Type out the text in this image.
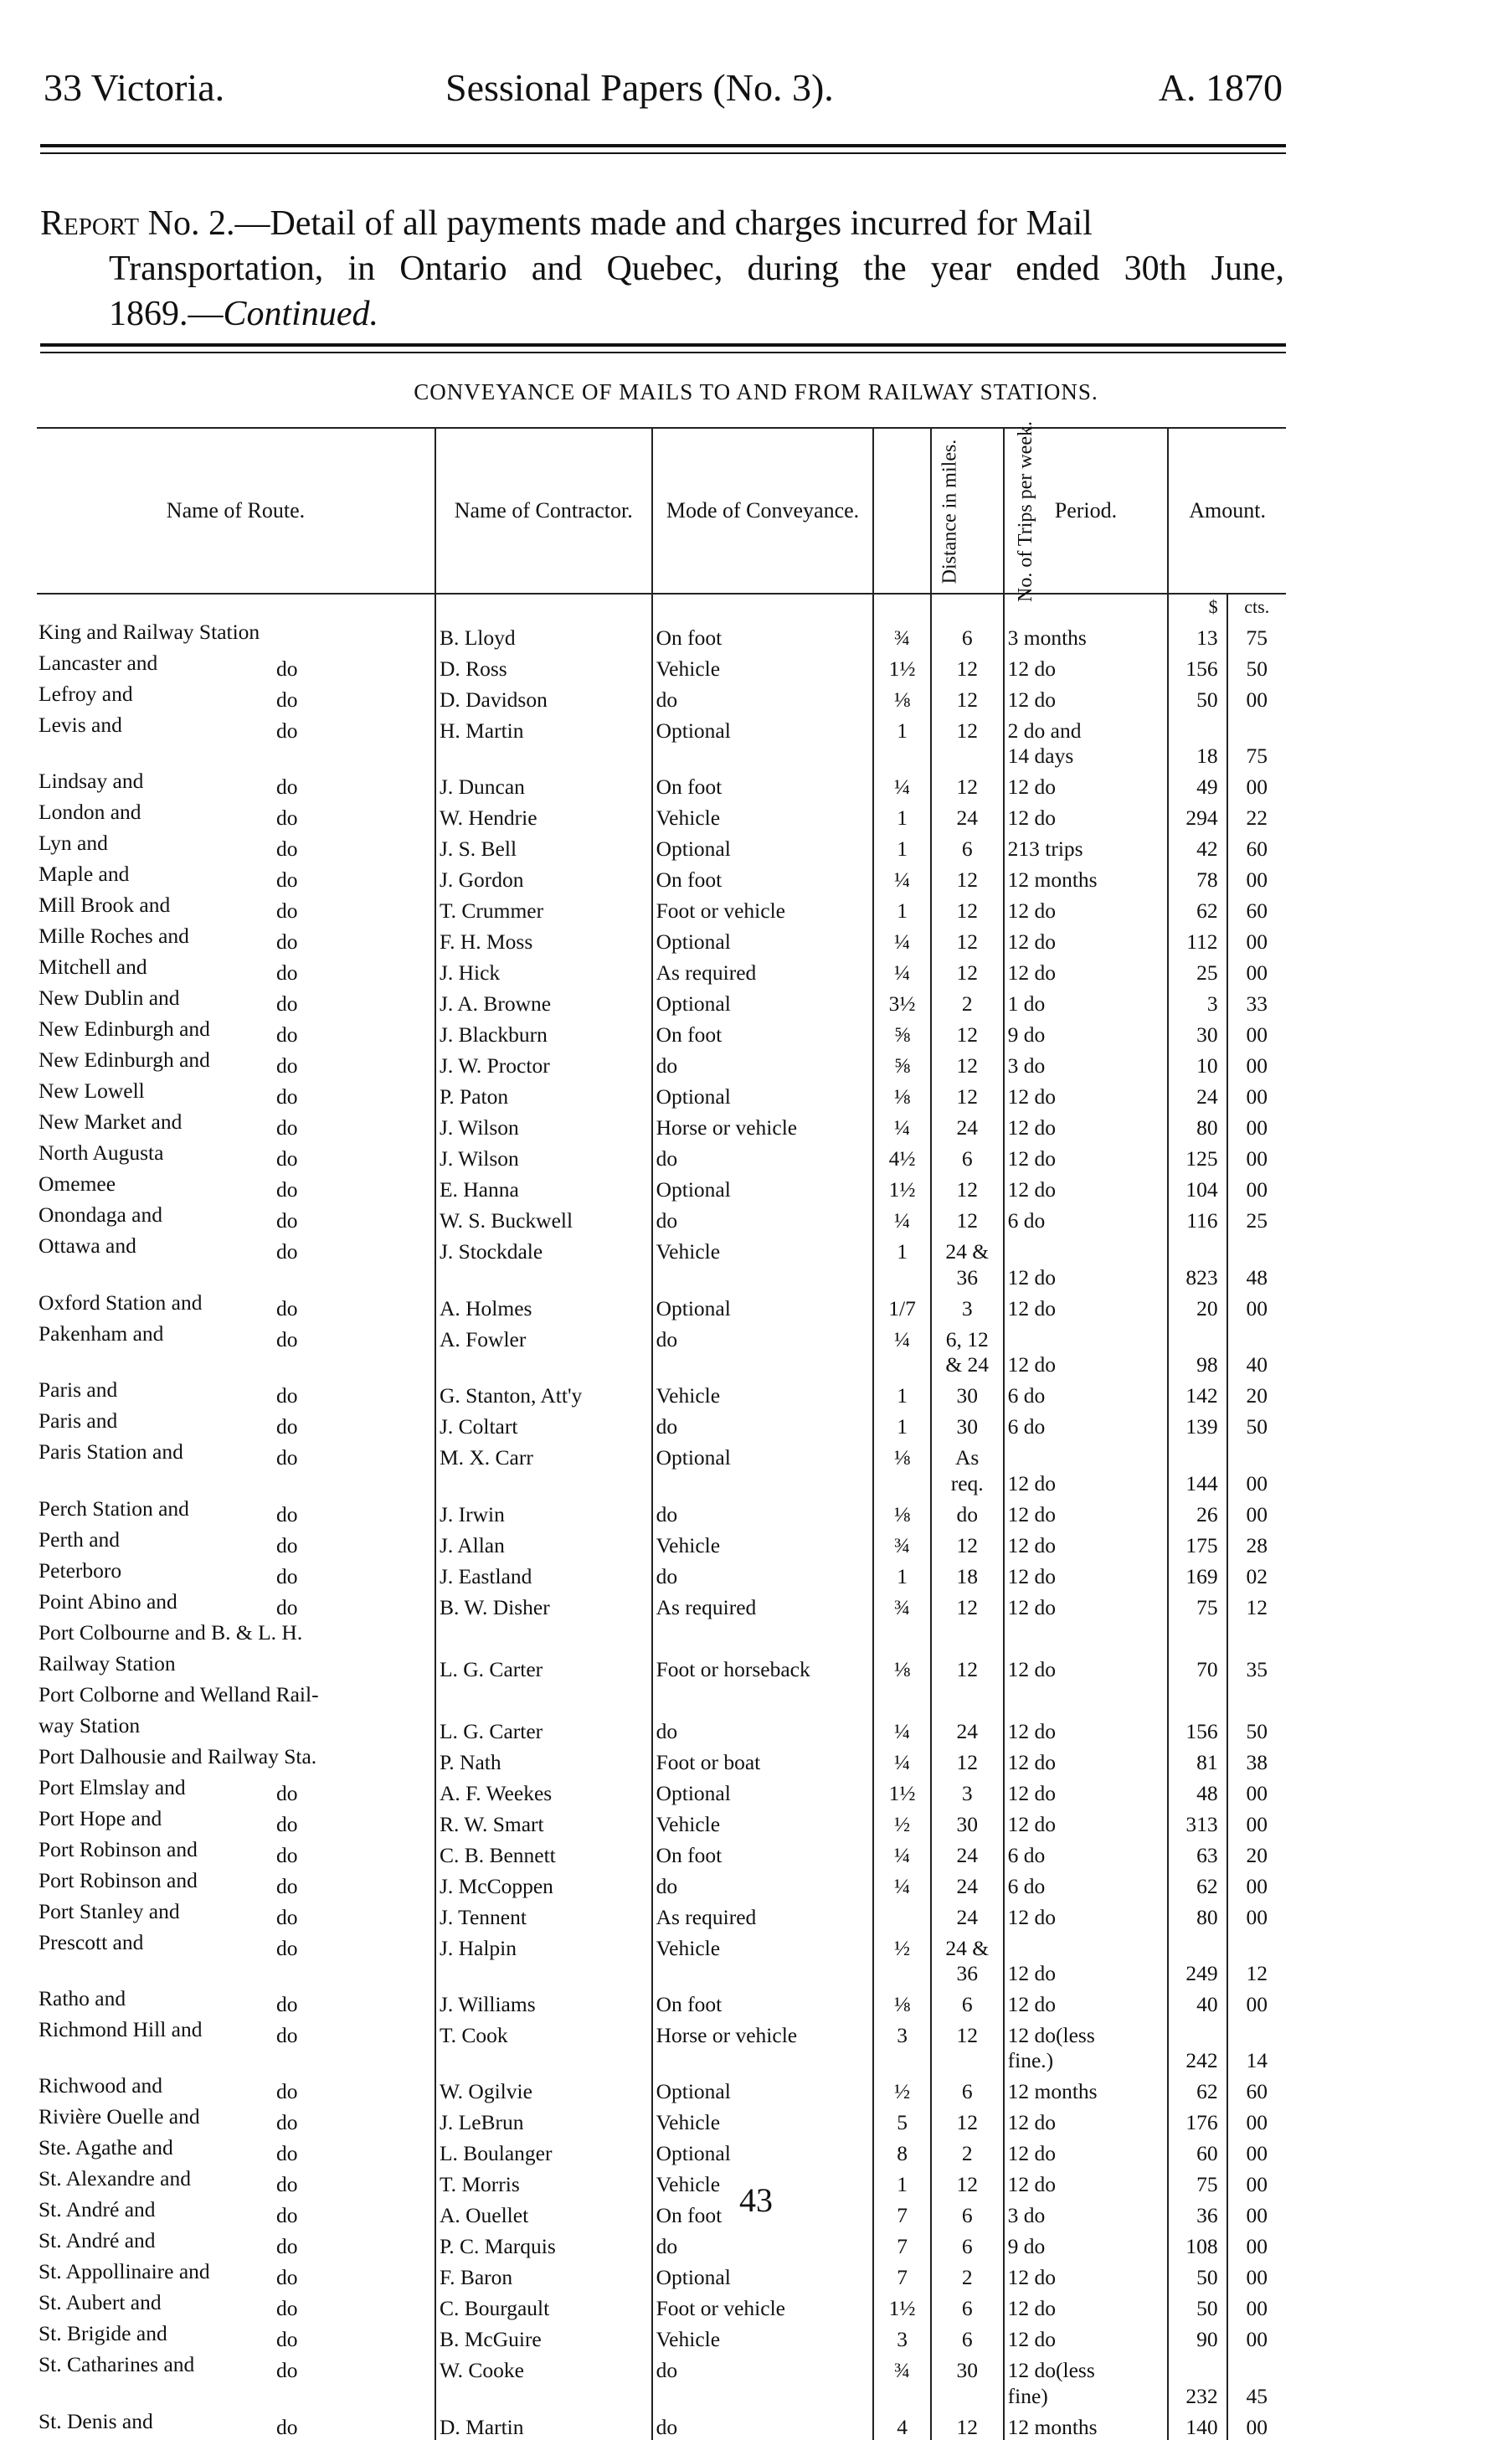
33 Victoria.	Sessional Papers (No. 3).	A. 1870
Report No. 2.—Detail of all payments made and charges incurred for Mail
Transportation, in Ontario and Quebec, during the year ended 30th June,
1869.—Continued.
CONVEYANCE OF MAILS TO AND FROM RAILWAY STATIONS.
Name of Route.	Name of Contractor.	Mode of Conveyance.	Distance in miles.	No. of Trips per week.	Period.	Amount.	
						$	cts.
King and Railway Station	B. Lloyd	On foot	¾	6	3 months	13	75
Lancaster and do	D. Ross	Vehicle	1½	12	12 do	156	50
Lefroy and do	D. Davidson	do	⅛	12	12 do	50	00
Levis and do	H. Martin	Optional	1	12	2 do and		
					14 days	18	75
Lindsay and do	J. Duncan	On foot	¼	12	12 do	49	00
London and do	W. Hendrie	Vehicle	1	24	12 do	294	22
Lyn and do	J. S. Bell	Optional	1	6	213 trips	42	60
Maple and do	J. Gordon	On foot	¼	12	12 months	78	00
Mill Brook and do	T. Crummer	Foot or vehicle	1	12	12 do	62	60
Mille Roches and do	F. H. Moss	Optional	¼	12	12 do	112	00
Mitchell and do	J. Hick	As required	¼	12	12 do	25	00
New Dublin and do	J. A. Browne	Optional	3½	2	1 do	3	33
New Edinburgh and do	J. Blackburn	On foot	⅝	12	9 do	30	00
New Edinburgh and do	J. W. Proctor	do	⅝	12	3 do	10	00
New Lowell do	P. Paton	Optional	⅛	12	12 do	24	00
New Market and do	J. Wilson	Horse or vehicle	¼	24	12 do	80	00
North Augusta do	J. Wilson	do	4½	6	12 do	125	00
Omemee do	E. Hanna	Optional	1½	12	12 do	104	00
Onondaga and do	W. S. Buckwell	do	¼	12	6 do	116	25
Ottawa and do	J. Stockdale	Vehicle	1	24 &			
				36	12 do	823	48
Oxford Station and do	A. Holmes	Optional	1/7	3	12 do	20	00
Pakenham and do	A. Fowler	do	¼	6, 12			
				& 24	12 do	98	40
Paris and do	G. Stanton, Att'y	Vehicle	1	30	6 do	142	20
Paris and do	J. Coltart	do	1	30	6 do	139	50
Paris Station and do	M. X. Carr	Optional	⅛	As			
				req.	12 do	144	00
Perch Station and do	J. Irwin	do	⅛	do	12 do	26	00
Perth and do	J. Allan	Vehicle	¾	12	12 do	175	28
Peterboro do	J. Eastland	do	1	18	12 do	169	02
Point Abino and do	B. W. Disher	As required	¾	12	12 do	75	12
Port Colbourne and B. & L. H.							
Railway Station	L. G. Carter	Foot or horseback	⅛	12	12 do	70	35
Port Colborne and Welland Rail-							
way Station	L. G. Carter	do	¼	24	12 do	156	50
Port Dalhousie and Railway Sta.	P. Nath	Foot or boat	¼	12	12 do	81	38
Port Elmslay and do	A. F. Weekes	Optional	1½	3	12 do	48	00
Port Hope and do	R. W. Smart	Vehicle	½	30	12 do	313	00
Port Robinson and do	C. B. Bennett	On foot	¼	24	6 do	63	20
Port Robinson and do	J. McCoppen	do	¼	24	6 do	62	00
Port Stanley and do	J. Tennent	As required		24	12 do	80	00
Prescott and do	J. Halpin	Vehicle	½	24 &			
				36	12 do	249	12
Ratho and do	J. Williams	On foot	⅛	6	12 do	40	00
Richmond Hill and do	T. Cook	Horse or vehicle	3	12	12 do(less		
					fine.)	242	14
Richwood and do	W. Ogilvie	Optional	½	6	12 months	62	60
Rivière Ouelle and do	J. LeBrun	Vehicle	5	12	12 do	176	00
Ste. Agathe and do	L. Boulanger	Optional	8	2	12 do	60	00
St. Alexandre and do	T. Morris	Vehicle	1	12	12 do	75	00
St. André and do	A. Ouellet	On foot	7	6	3 do	36	00
St. André and do	P. C. Marquis	do	7	6	9 do	108	00
St. Appollinaire and do	F. Baron	Optional	7	2	12 do	50	00
St. Aubert and do	C. Bourgault	Foot or vehicle	1½	6	12 do	50	00
St. Brigide and do	B. McGuire	Vehicle	3	6	12 do	90	00
St. Catharines and do	W. Cooke	do	¾	30	12 do(less		
					fine)	232	45
St. Denis and do	D. Martin	do	4	12	12 months	140	00
43
